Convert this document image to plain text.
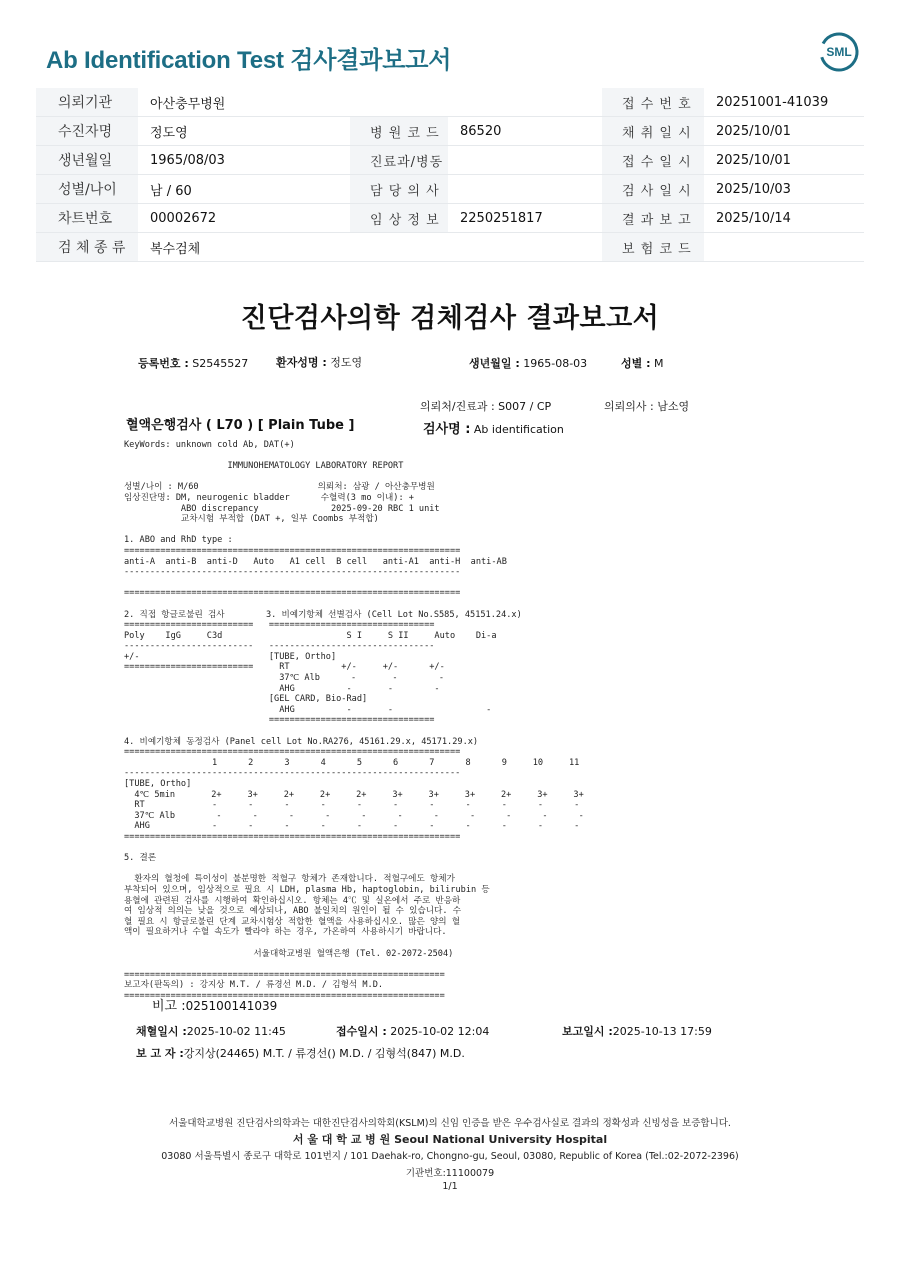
Ab Identification Test 검사결과보고서	SML
의뢰기관	아산충무병원			접 수 번 호	20251001-41039
수진자명	정도영	병 원 코 드	86520	채 취 일 시	2025/10/01
생년월일	1965/08/03	진료과/병동		접 수 일 시	2025/10/01
성별/나이	남 / 60	담 당 의 사		검 사 일 시	2025/10/03
차트번호	00002672	임 상 정 보	2250251817	결 과 보 고	2025/10/14
검 체 종 류	복수검체			보 험 코 드	
진단검사의학 검체검사 결과보고서
등록번호 : S2545527	환자성명 : 정도영	생년월일 : 1965-08-03	성별 : M
의뢰처/진료과 : S007 / CP	의뢰의사 : 남소영
혈액은행검사 ( L70 ) [ Plain Tube ]	검사명 : Ab identification
KeyWords: unknown cold Ab, DAT(+)
IMMUNOHEMATOLOGY LABORATORY REPORT
성별/나이 : M/60                       의뢰처: 삼광 / 아산충무병원
임상진단명: DM, neurogenic bladder      수혈력(3 mo 이내): +
ABO discrepancy              2025-09-20 RBC 1 unit
교차시험 부적합 (DAT +, 일부 Coombs 부적합)
1. ABO and RhD type :
=================================================================
anti-A  anti-B  anti-D   Auto   A1 cell  B cell   anti-A1  anti-H  anti-AB
-----------------------------------------------------------------
=================================================================
2. 직접 항글로불린 검사        3. 비예기항체 선별검사 (Cell Lot No.S585, 45151.24.x)
=========================   ================================
Poly    IgG     C3d                        S I     S II     Auto    Di-a
-------------------------   --------------------------------
+/-                         [TUBE, Ortho]
=========================     RT          +/-     +/-      +/-
37℃ Alb      -       -        -
AHG          -       -        -
[GEL CARD, Bio-Rad]
AHG          -       -                  -
================================
4. 비예기항체 동정검사 (Panel cell Lot No.RA276, 45161.29.x, 45171.29.x)
=================================================================
1      2      3      4      5      6      7      8      9     10     11
-----------------------------------------------------------------
[TUBE, Ortho]
4℃ 5min       2+     3+     2+     2+     2+     3+     3+     3+     2+     3+     3+
RT             -      -      -      -      -      -      -      -      -      -      -
37℃ Alb        -      -      -      -      -      -      -      -      -      -      -
AHG            -      -      -      -      -      -      -      -      -      -      -
=================================================================
5. 결론
환자의 혈청에 특이성이 불분명한 적혈구 항체가 존재합니다. 적혈구에도 항체가
부착되어 있으며, 임상적으로 필요 시 LDH, plasma Hb, haptoglobin, bilirubin 등
용혈에 관련된 검사를 시행하여 확인하십시오. 항체는 4℃ 및 실온에서 주로 반응하
여 임상적 의의는 낮을 것으로 예상되나, ABO 불일치의 원인이 될 수 있습니다. 수
혈 필요 시 항글로불린 단계 교차시험상 적합한 혈액을 사용하십시오. 많은 양의 혈
액이 필요하거나 수혈 속도가 빨라야 하는 경우, 가온하여 사용하시기 바랍니다.
서울대학교병원 혈액은행 (Tel. 02-2072-2504)
==============================================================
보고자(판독의) : 강지상 M.T. / 류경선 M.D. / 김형석 M.D.
==============================================================
비고 :025100141039
채혈일시 :2025-10-02 11:45	접수일시 : 2025-10-02 12:04	보고일시 :2025-10-13 17:59
보 고 자 :강지상(24465) M.T. / 류경선() M.D. / 김형석(847) M.D.
서울대학교병원 진단검사의학과는 대한진단검사의학회(KSLM)의 신임 인증을 받은 우수검사실로 결과의 정확성과 신빙성을 보증합니다.
서 울 대 학 교 병 원 Seoul National University Hospital
03080 서울특별시 종로구 대학로 101번지 / 101 Daehak-ro, Chongno-gu, Seoul, 03080, Republic of Korea (Tel.:02-2072-2396)
기관번호:11100079
1/1
